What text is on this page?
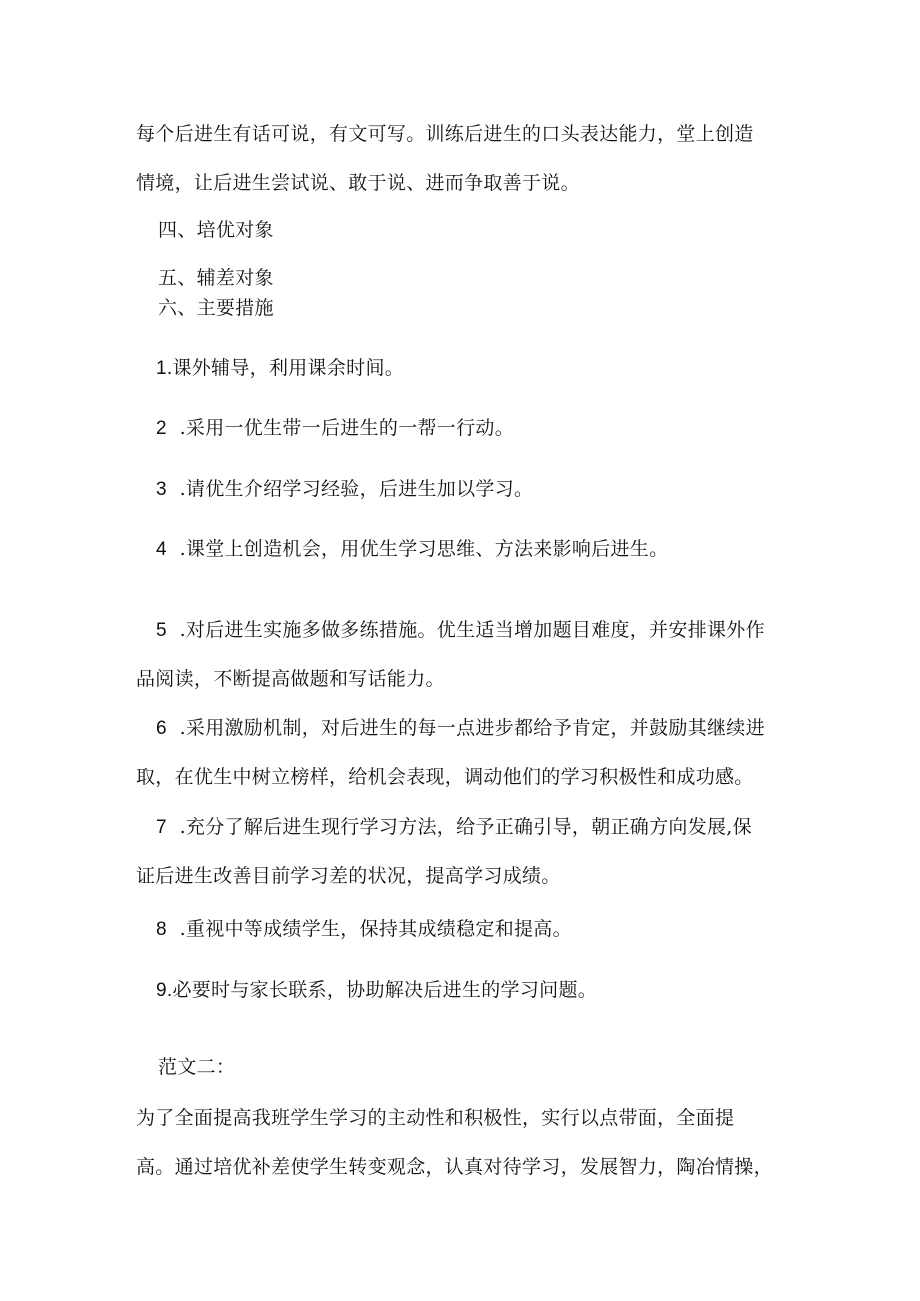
每个后进生有话可说，有文可写。训练后进生的口头表达能力，堂上创造
情境，让后进生尝试说、敢于说、进而争取善于说。
四、培优对象
五、辅差对象
六、主要措施
1.课外辅导，利用课余时间。
2 .采用一优生带一后进生的一帮一行动。
3 .请优生介绍学习经验，后进生加以学习。
4 .课堂上创造机会，用优生学习思维、方法来影响后进生。
5 .对后进生实施多做多练措施。优生适当增加题目难度，并安排课外作
品阅读，不断提高做题和写话能力。
6 .采用激励机制，对后进生的每一点进步都给予肯定，并鼓励其继续进
取，在优生中树立榜样，给机会表现，调动他们的学习积极性和成功感。
7 .充分了解后进生现行学习方法，给予正确引导，朝正确方向发展,保
证后进生改善目前学习差的状况，提高学习成绩。
8 .重视中等成绩学生，保持其成绩稳定和提高。
9.必要时与家长联系，协助解决后进生的学习问题。
范文二：
为了全面提高我班学生学习的主动性和积极性，实行以点带面，全面提
高。通过培优补差使学生转变观念，认真对待学习，发展智力，陶冶情操，
